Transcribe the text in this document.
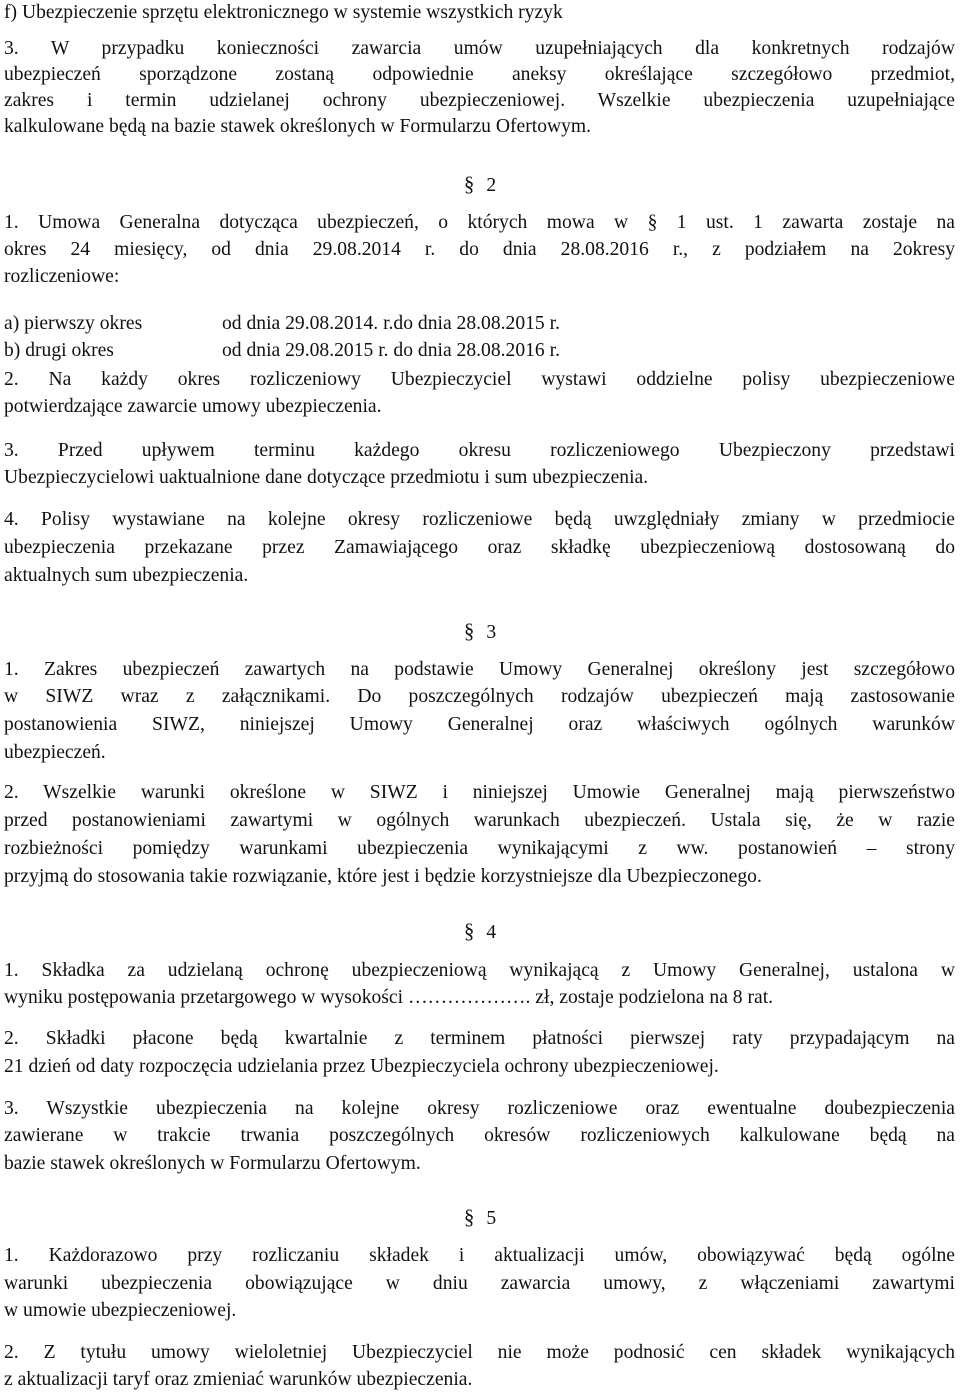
f) Ubezpieczenie sprzętu elektronicznego w systemie wszystkich ryzyk
3. W przypadku konieczności zawarcia umów uzupełniających dla konkretnych rodzajów
ubezpieczeń sporządzone zostaną odpowiednie aneksy określające szczegółowo przedmiot,
zakres i termin udzielanej ochrony ubezpieczeniowej. Wszelkie ubezpieczenia uzupełniające
kalkulowane będą na bazie stawek określonych w Formularzu Ofertowym.
§ 2
1. Umowa Generalna dotycząca ubezpieczeń, o których mowa w § 1 ust. 1 zawarta zostaje na
okres 24 miesięcy, od dnia 29.08.2014 r. do dnia 28.08.2016 r., z podziałem na 2okresy
rozliczeniowe:
a) pierwszy okres	od dnia 29.08.2014. r.do dnia 28.08.2015 r.
b) drugi okres	od dnia 29.08.2015 r. do dnia 28.08.2016 r.
2. Na każdy okres rozliczeniowy Ubezpieczyciel wystawi oddzielne polisy ubezpieczeniowe
potwierdzające zawarcie umowy ubezpieczenia.
3. Przed upływem terminu każdego okresu rozliczeniowego Ubezpieczony przedstawi
Ubezpieczycielowi uaktualnione dane dotyczące przedmiotu i sum ubezpieczenia.
4. Polisy wystawiane na kolejne okresy rozliczeniowe będą uwzględniały zmiany w przedmiocie
ubezpieczenia przekazane przez Zamawiającego oraz składkę ubezpieczeniową dostosowaną do
aktualnych sum ubezpieczenia.
§ 3
1. Zakres ubezpieczeń zawartych na podstawie Umowy Generalnej określony jest szczegółowo
w SIWZ wraz z załącznikami. Do poszczególnych rodzajów ubezpieczeń mają zastosowanie
postanowienia SIWZ, niniejszej Umowy Generalnej oraz właściwych ogólnych warunków
ubezpieczeń.
2. Wszelkie warunki określone w SIWZ i niniejszej Umowie Generalnej mają pierwszeństwo
przed postanowieniami zawartymi w ogólnych warunkach ubezpieczeń. Ustala się, że w razie
rozbieżności pomiędzy warunkami ubezpieczenia wynikającymi z ww. postanowień – strony
przyjmą do stosowania takie rozwiązanie, które jest i będzie korzystniejsze dla Ubezpieczonego.
§ 4
1. Składka za udzielaną ochronę ubezpieczeniową wynikającą z Umowy Generalnej, ustalona w
wyniku postępowania przetargowego w wysokości ………………. zł, zostaje podzielona na 8 rat.
2. Składki płacone będą kwartalnie z terminem płatności pierwszej raty przypadającym na
21 dzień od daty rozpoczęcia udzielania przez Ubezpieczyciela ochrony ubezpieczeniowej.
3. Wszystkie ubezpieczenia na kolejne okresy rozliczeniowe oraz ewentualne doubezpieczenia
zawierane w trakcie trwania poszczególnych okresów rozliczeniowych kalkulowane będą na
bazie stawek określonych w Formularzu Ofertowym.
§ 5
1. Każdorazowo przy rozliczaniu składek i aktualizacji umów, obowiązywać będą ogólne
warunki ubezpieczenia obowiązujące w dniu zawarcia umowy, z włączeniami zawartymi
w umowie ubezpieczeniowej.
2. Z tytułu umowy wieloletniej Ubezpieczyciel nie może podnosić cen składek wynikających
z aktualizacji taryf oraz zmieniać warunków ubezpieczenia.
